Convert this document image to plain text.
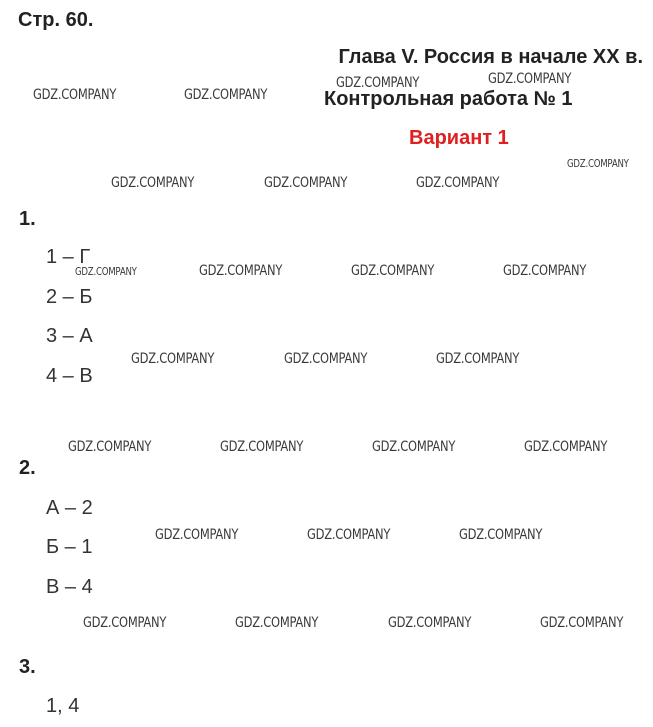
Стр. 60.
Глава V. Россия в начале XX в.
Контрольная работа № 1
Вариант 1
1.
1 – Г
2 – Б
3 – А
4 – В
2.
А – 2
Б – 1
В – 4
3.
1, 4
GDZ.COMPANY	GDZ.COMPANY
GDZ.COMPANY	GDZ.COMPANY
GDZ.COMPANY
GDZ.COMPANY	GDZ.COMPANY	GDZ.COMPANY
GDZ.COMPANY	GDZ.COMPANY	GDZ.COMPANY	GDZ.COMPANY
GDZ.COMPANY	GDZ.COMPANY	GDZ.COMPANY
GDZ.COMPANY	GDZ.COMPANY	GDZ.COMPANY	GDZ.COMPANY
GDZ.COMPANY	GDZ.COMPANY	GDZ.COMPANY
GDZ.COMPANY	GDZ.COMPANY	GDZ.COMPANY	GDZ.COMPANY
